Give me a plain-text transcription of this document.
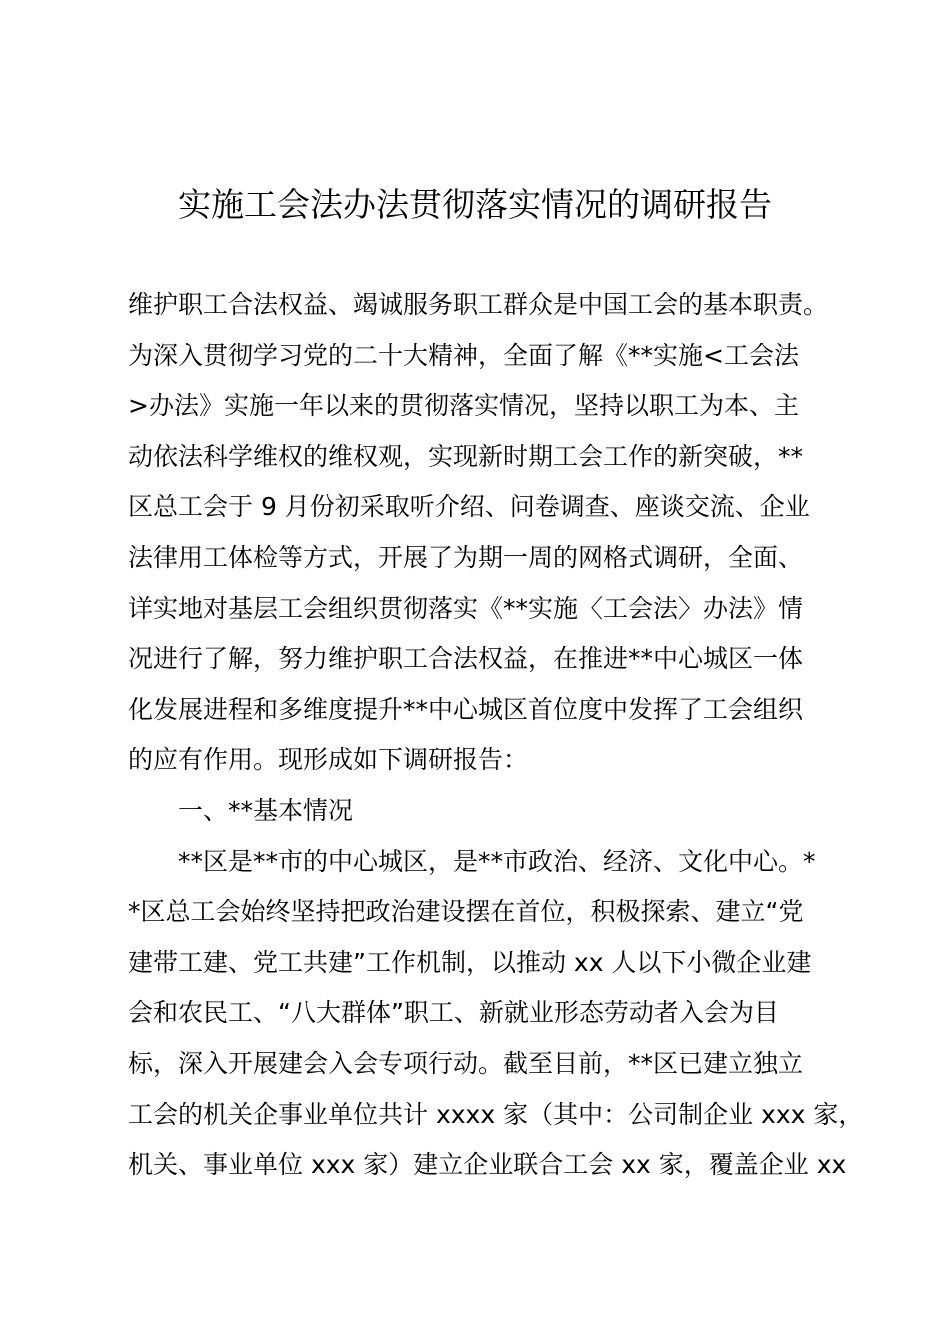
实施工会法办法贯彻落实情况的调研报告
维护职工合法权益、竭诚服务职工群众是中国工会的基本职责。
为深入贯彻学习党的二十大精神，全面了解《**实施<工会法
>办法》实施一年以来的贯彻落实情况，坚持以职工为本、主
动依法科学维权的维权观，实现新时期工会工作的新突破，**
区总工会于 9 月份初采取听介绍、问卷调查、座谈交流、企业
法律用工体检等方式，开展了为期一周的网格式调研，全面、
详实地对基层工会组织贯彻落实《**实施〈工会法〉办法》情
况进行了解，努力维护职工合法权益，在推进**中心城区一体
化发展进程和多维度提升**中心城区首位度中发挥了工会组织
的应有作用。现形成如下调研报告：
一、**基本情况
**区是**市的中心城区，是**市政治、经济、文化中心。*
*区总工会始终坚持把政治建设摆在首位，积极探索、建立“党
建带工建、党工共建”工作机制，以推动 xx 人以下小微企业建
会和农民工、“八大群体”职工、新就业形态劳动者入会为目
标，深入开展建会入会专项行动。截至目前，**区已建立独立
工会的机关企事业单位共计 xxxx 家（其中：公司制企业 xxx 家，
机关、事业单位 xxx 家）建立企业联合工会 xx 家，覆盖企业 xx
